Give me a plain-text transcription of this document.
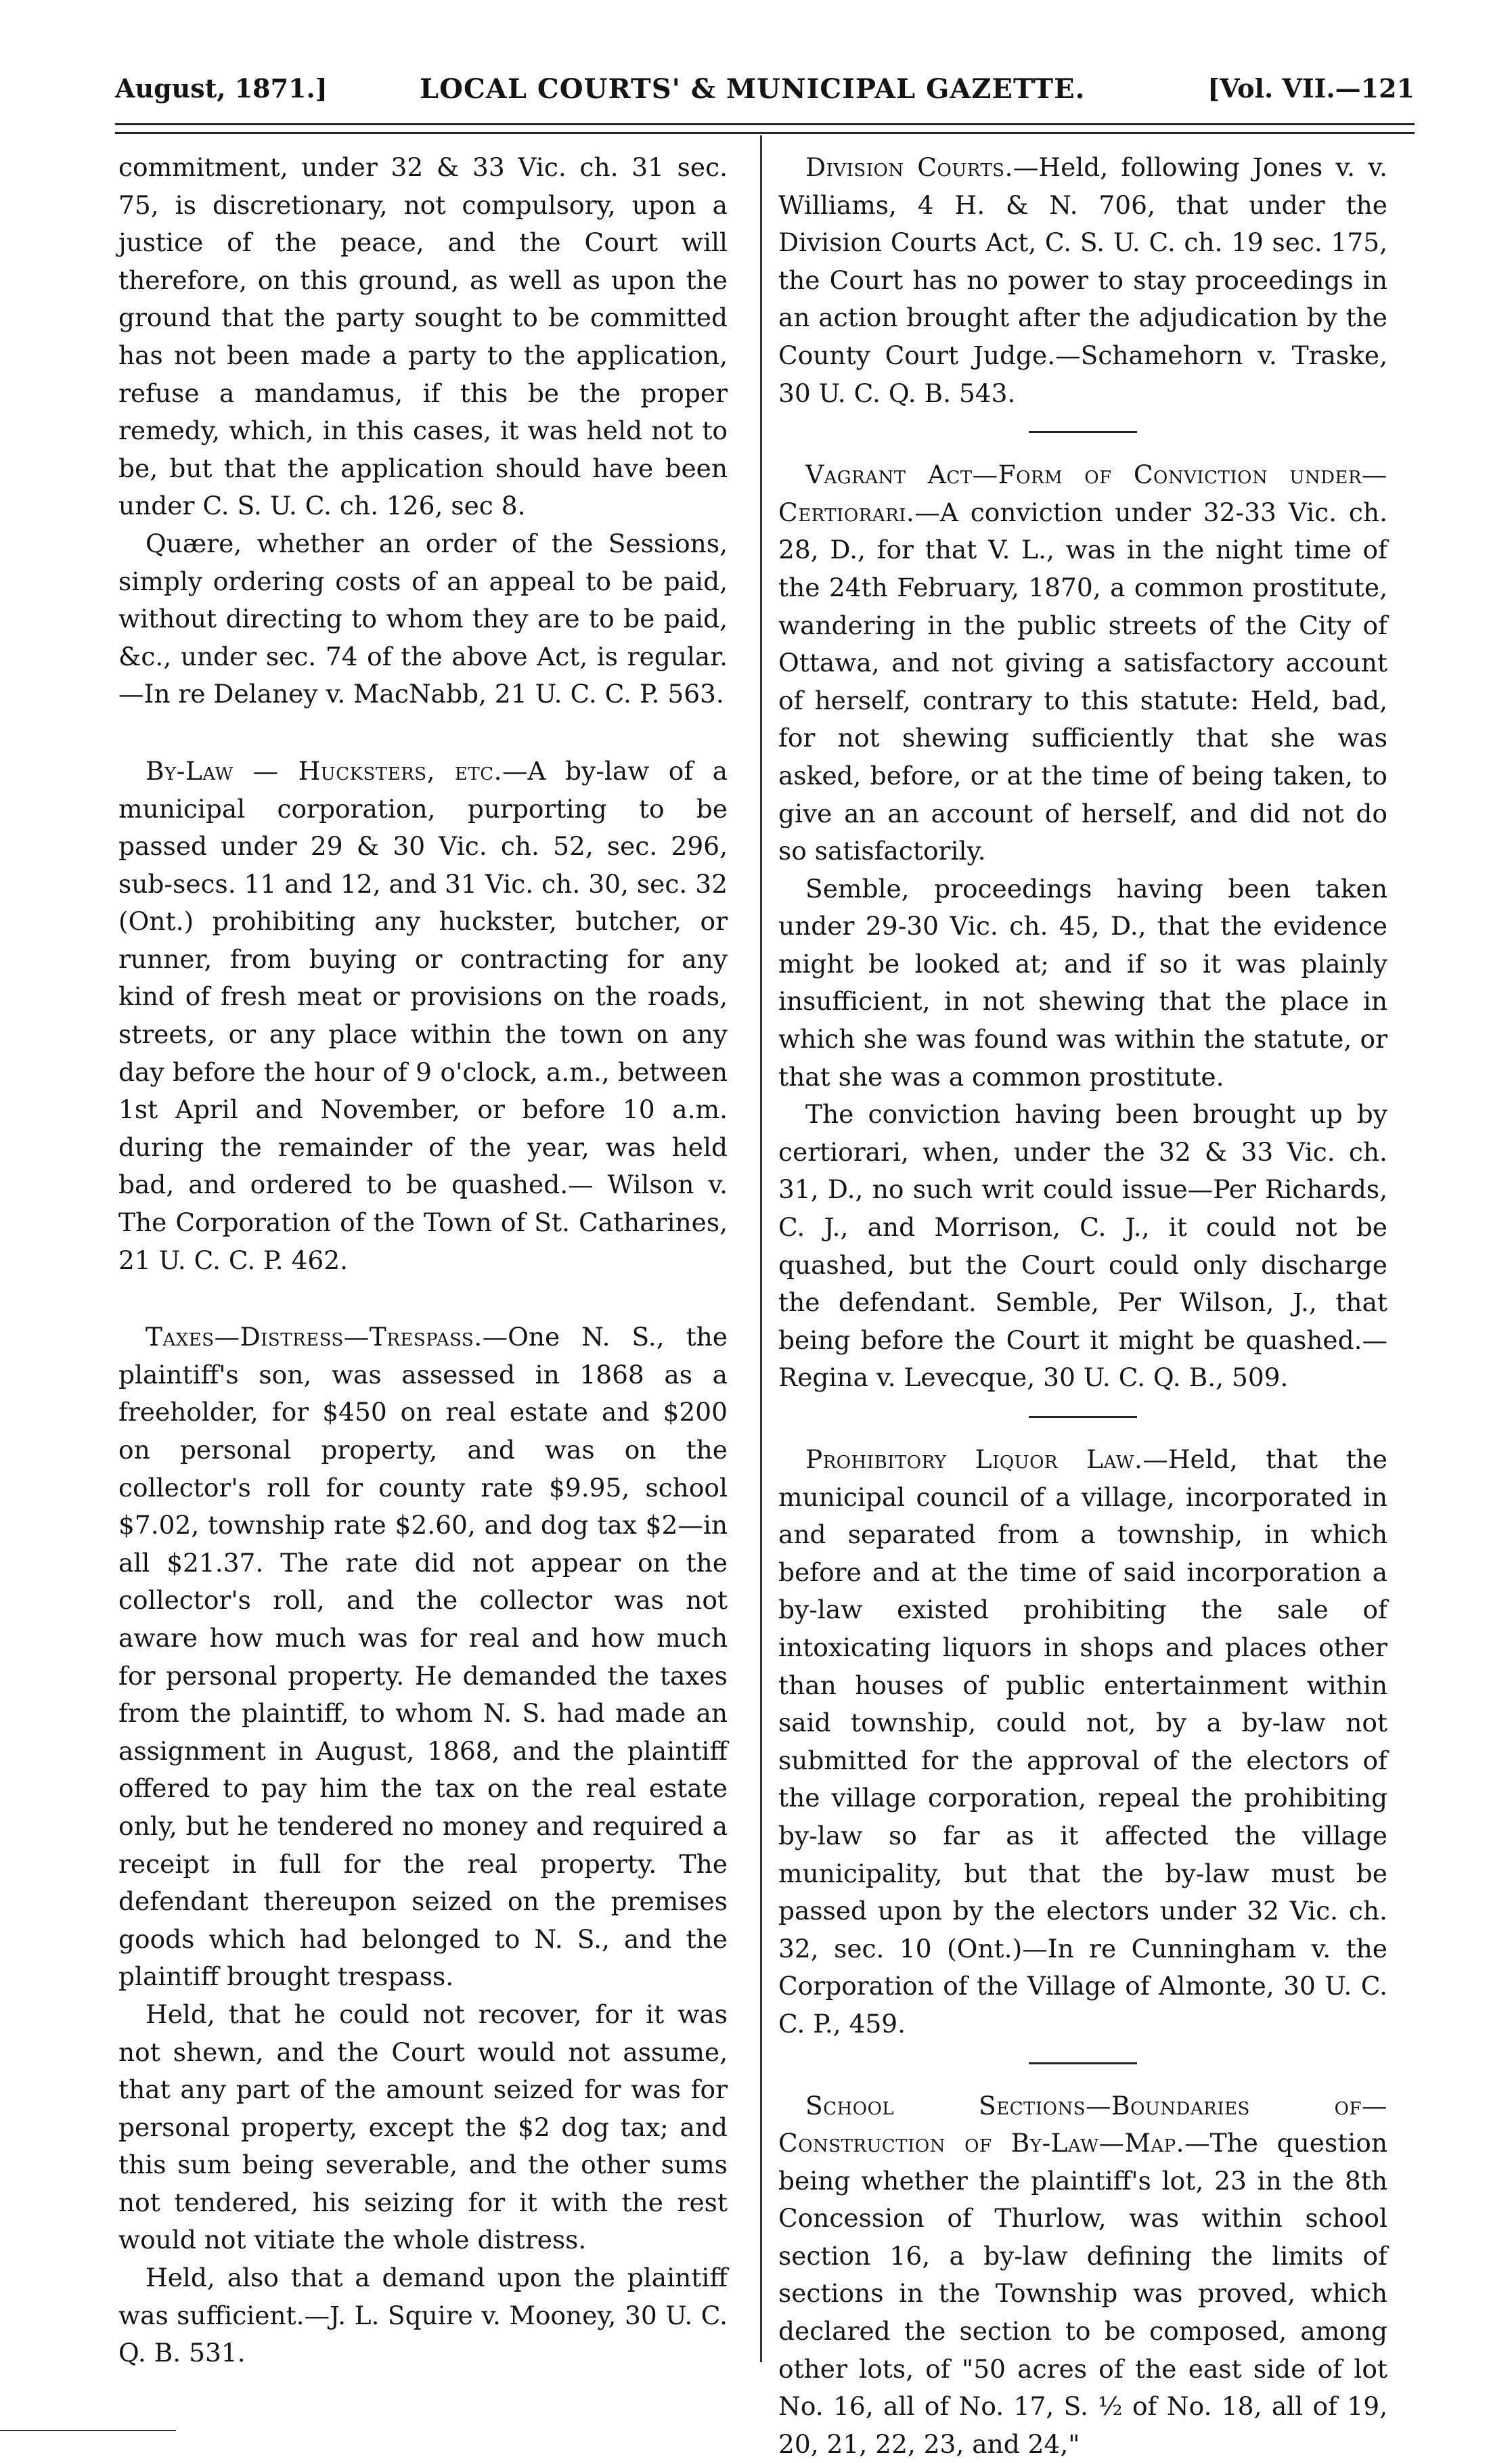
August, 1871.]	LOCAL COURTS' & MUNICIPAL GAZETTE.	[Vol. VII.—121

commitment, under 32 & 33 Vic. ch. 31 sec. 75, is discretionary, not compulsory, upon a justice of the peace, and the Court will therefore, on this ground, as well as upon the ground that the party sought to be committed has not been made a party to the application, refuse a mandamus, if this be the proper remedy, which, in this cases, it was held not to be, but that the application should have been under C. S. U. C. ch. 126, sec 8.

Quære, whether an order of the Sessions, simply ordering costs of an appeal to be paid, without directing to whom they are to be paid, &c., under sec. 74 of the above Act, is regular. —In re Delaney v. MacNabb, 21 U. C. C. P. 563.

By-Law — Hucksters, etc.—A by-law of a municipal corporation, purporting to be passed under 29 & 30 Vic. ch. 52, sec. 296, sub-secs. 11 and 12, and 31 Vic. ch. 30, sec. 32 (Ont.) prohibiting any huckster, butcher, or runner, from buying or contracting for any kind of fresh meat or provisions on the roads, streets, or any place within the town on any day before the hour of 9 o'clock, a.m., between 1st April and November, or before 10 a.m. during the remainder of the year, was held bad, and ordered to be quashed.— Wilson v. The Corporation of the Town of St. Catharines, 21 U. C. C. P. 462.

Taxes—Distress—Trespass.—One N. S., the plaintiff's son, was assessed in 1868 as a freeholder, for $450 on real estate and $200 on personal property, and was on the collector's roll for county rate $9.95, school $7.02, township rate $2.60, and dog tax $2—in all $21.37. The rate did not appear on the collector's roll, and the collector was not aware how much was for real and how much for personal property. He demanded the taxes from the plaintiff, to whom N. S. had made an assignment in August, 1868, and the plaintiff offered to pay him the tax on the real estate only, but he tendered no money and required a receipt in full for the real property. The defendant thereupon seized on the premises goods which had belonged to N. S., and the plaintiff brought trespass.

Held, that he could not recover, for it was not shewn, and the Court would not assume, that any part of the amount seized for was for personal property, except the $2 dog tax; and this sum being severable, and the other sums not tendered, his seizing for it with the rest would not vitiate the whole distress.

Held, also that a demand upon the plaintiff was sufficient.—J. L. Squire v. Mooney, 30 U. C. Q. B. 531.

Division Courts.—Held, following Jones v. v. Williams, 4 H. & N. 706, that under the Division Courts Act, C. S. U. C. ch. 19 sec. 175, the Court has no power to stay proceedings in an action brought after the adjudication by the County Court Judge.—Schamehorn v. Traske, 30 U. C. Q. B. 543.

Vagrant Act—Form of Conviction under—Certiorari.—A conviction under 32-33 Vic. ch. 28, D., for that V. L., was in the night time of the 24th February, 1870, a common prostitute, wandering in the public streets of the City of Ottawa, and not giving a satisfactory account of herself, contrary to this statute: Held, bad, for not shewing sufficiently that she was asked, before, or at the time of being taken, to give an an account of herself, and did not do so satisfactorily.

Semble, proceedings having been taken under 29-30 Vic. ch. 45, D., that the evidence might be looked at; and if so it was plainly insufficient, in not shewing that the place in which she was found was within the statute, or that she was a common prostitute.

The conviction having been brought up by certiorari, when, under the 32 & 33 Vic. ch. 31, D., no such writ could issue—Per Richards, C. J., and Morrison, C. J., it could not be quashed, but the Court could only discharge the defendant. Semble, Per Wilson, J., that being before the Court it might be quashed.—Regina v. Levecque, 30 U. C. Q. B., 509.

Prohibitory Liquor Law.—Held, that the municipal council of a village, incorporated in and separated from a township, in which before and at the time of said incorporation a by-law existed prohibiting the sale of intoxicating liquors in shops and places other than houses of public entertainment within said township, could not, by a by-law not submitted for the approval of the electors of the village corporation, repeal the prohibiting by-law so far as it affected the village municipality, but that the by-law must be passed upon by the electors under 32 Vic. ch. 32, sec. 10 (Ont.)—In re Cunningham v. the Corporation of the Village of Almonte, 30 U. C. C. P., 459.

School Sections—Boundaries of—Construction of By-Law—Map.—The question being whether the plaintiff's lot, 23 in the 8th Concession of Thurlow, was within school section 16, a by-law defining the limits of sections in the Township was proved, which declared the section to be composed, among other lots, of "50 acres of the east side of lot No. 16, all of No. 17, S. ½ of No. 18, all of 19, 20, 21, 22, 23, and 24,"
